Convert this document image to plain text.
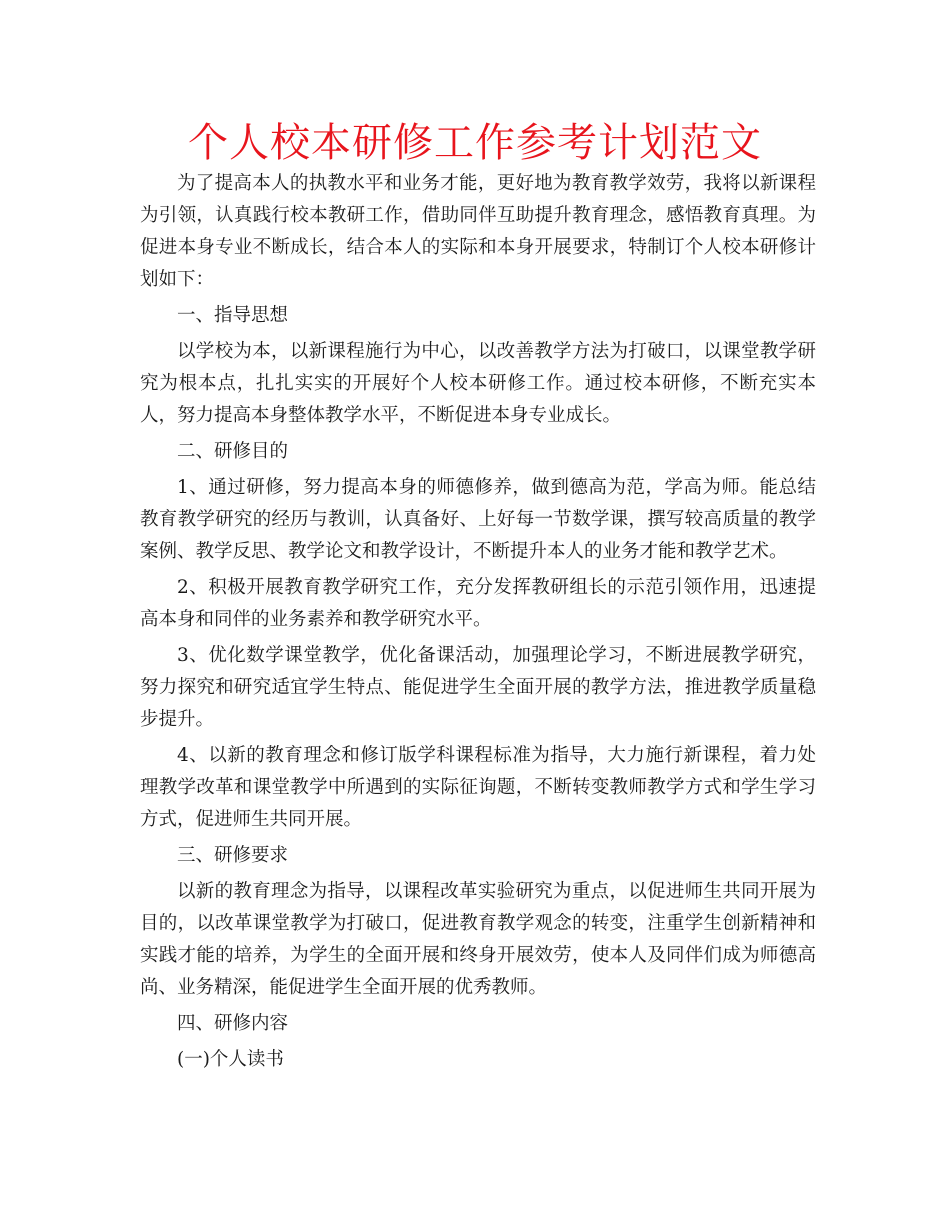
个人校本研修工作参考计划范文

为了提高本人的执教水平和业务才能，更好地为教育教学效劳，我将以新课程为引领，认真践行校本教研工作，借助同伴互助提升教育理念，感悟教育真理。为促进本身专业不断成长，结合本人的实际和本身开展要求，特制订个人校本研修计划如下：

一、指导思想

以学校为本，以新课程施行为中心，以改善教学方法为打破口，以课堂教学研究为根本点，扎扎实实的开展好个人校本研修工作。通过校本研修，不断充实本人，努力提高本身整体教学水平，不断促进本身专业成长。

二、研修目的

1、通过研修，努力提高本身的师德修养，做到德高为范，学高为师。能总结教育教学研究的经历与教训，认真备好、上好每一节数学课，撰写较高质量的教学案例、教学反思、教学论文和教学设计，不断提升本人的业务才能和教学艺术。

2、积极开展教育教学研究工作，充分发挥教研组长的示范引领作用，迅速提高本身和同伴的业务素养和教学研究水平。

3、优化数学课堂教学，优化备课活动，加强理论学习，不断进展教学研究，努力探究和研究适宜学生特点、能促进学生全面开展的教学方法，推进教学质量稳步提升。

4、以新的教育理念和修订版学科课程标准为指导，大力施行新课程，着力处理教学改革和课堂教学中所遇到的实际征询题，不断转变教师教学方式和学生学习方式，促进师生共同开展。

三、研修要求

以新的教育理念为指导，以课程改革实验研究为重点，以促进师生共同开展为目的，以改革课堂教学为打破口，促进教育教学观念的转变，注重学生创新精神和实践才能的培养，为学生的全面开展和终身开展效劳，使本人及同伴们成为师德高尚、业务精深，能促进学生全面开展的优秀教师。

四、研修内容

(一)个人读书
